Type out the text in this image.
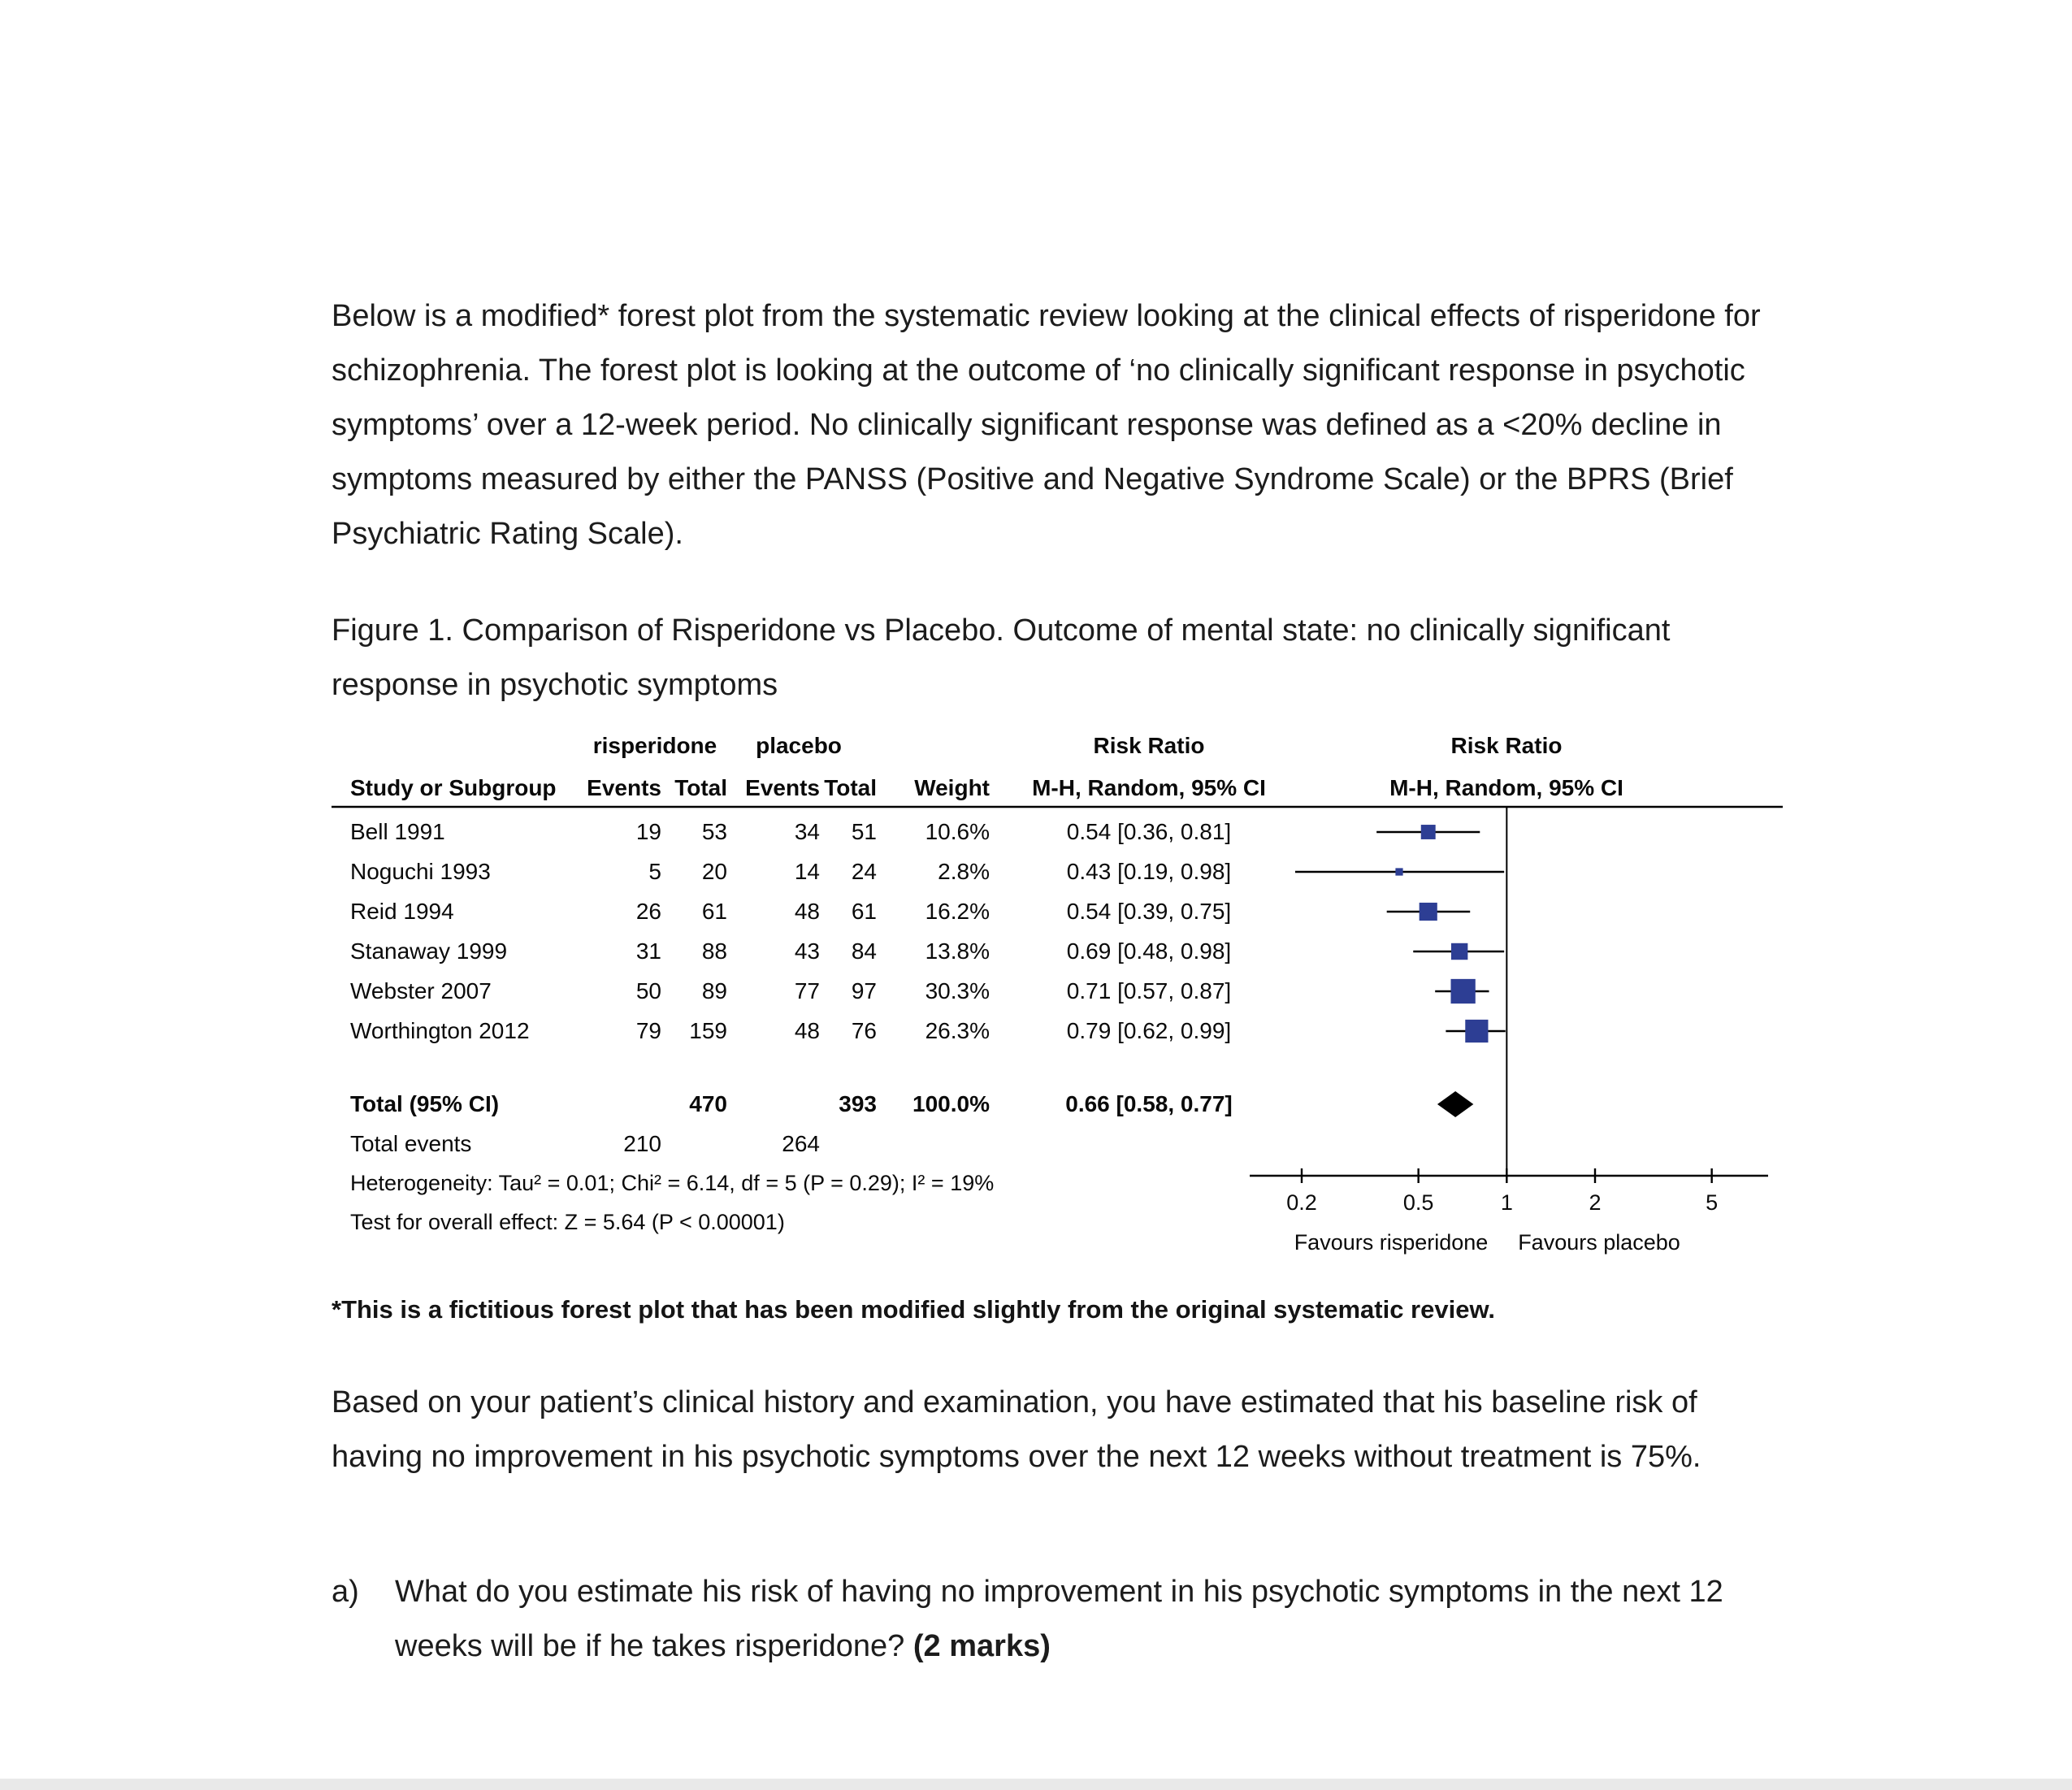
Below is a modified* forest plot from the systematic review looking at the clinical effects of risperidone for schizophrenia. The forest plot is looking at the outcome of ‘no clinically significant response in psychotic symptoms’ over a 12-week period. No clinically significant response was defined as a <20% decline in symptoms measured by either the PANSS (Positive and Negative Syndrome Scale) or the BPRS (Brief Psychiatric Rating Scale).

Figure 1. Comparison of Risperidone vs Placebo. Outcome of mental state: no clinically significant response in psychotic symptoms

risperidone	placebo	Risk Ratio	Risk Ratio
Study or Subgroup	Events Total Events Total	Weight	M-H, Random, 95% CI	M-H, Random, 95% CI
0.2	0.5	1	2	5
Favours risperidone	Favours placebo
Bell 1991	19	53	34	51	10.6%	0.54 [0.36, 0.81]
Noguchi 1993	5	20	14	24	2.8%	0.43 [0.19, 0.98]
Reid 1994	26	61	48	61	16.2%	0.54 [0.39, 0.75]
Stanaway 1999	31	88	43	84	13.8%	0.69 [0.48, 0.98]
Webster 2007	50	89	77	97	30.3%	0.71 [0.57, 0.87]
Worthington 2012	79	159	48	76	26.3%	0.79 [0.62, 0.99]
Total (95% CI)	470	393	100.0%	0.66 [0.58, 0.77]
Total events	210	264
Heterogeneity: Tau² = 0.01; Chi² = 6.14, df = 5 (P = 0.29); I² = 19%
Test for overall effect: Z = 5.64 (P < 0.00001)

*This is a fictitious forest plot that has been modified slightly from the original systematic review.

Based on your patient’s clinical history and examination, you have estimated that his baseline risk of having no improvement in his psychotic symptoms over the next 12 weeks without treatment is 75%.

a)	What do you estimate his risk of having no improvement in his psychotic symptoms in the next 12 weeks will be if he takes risperidone? (2 marks)
